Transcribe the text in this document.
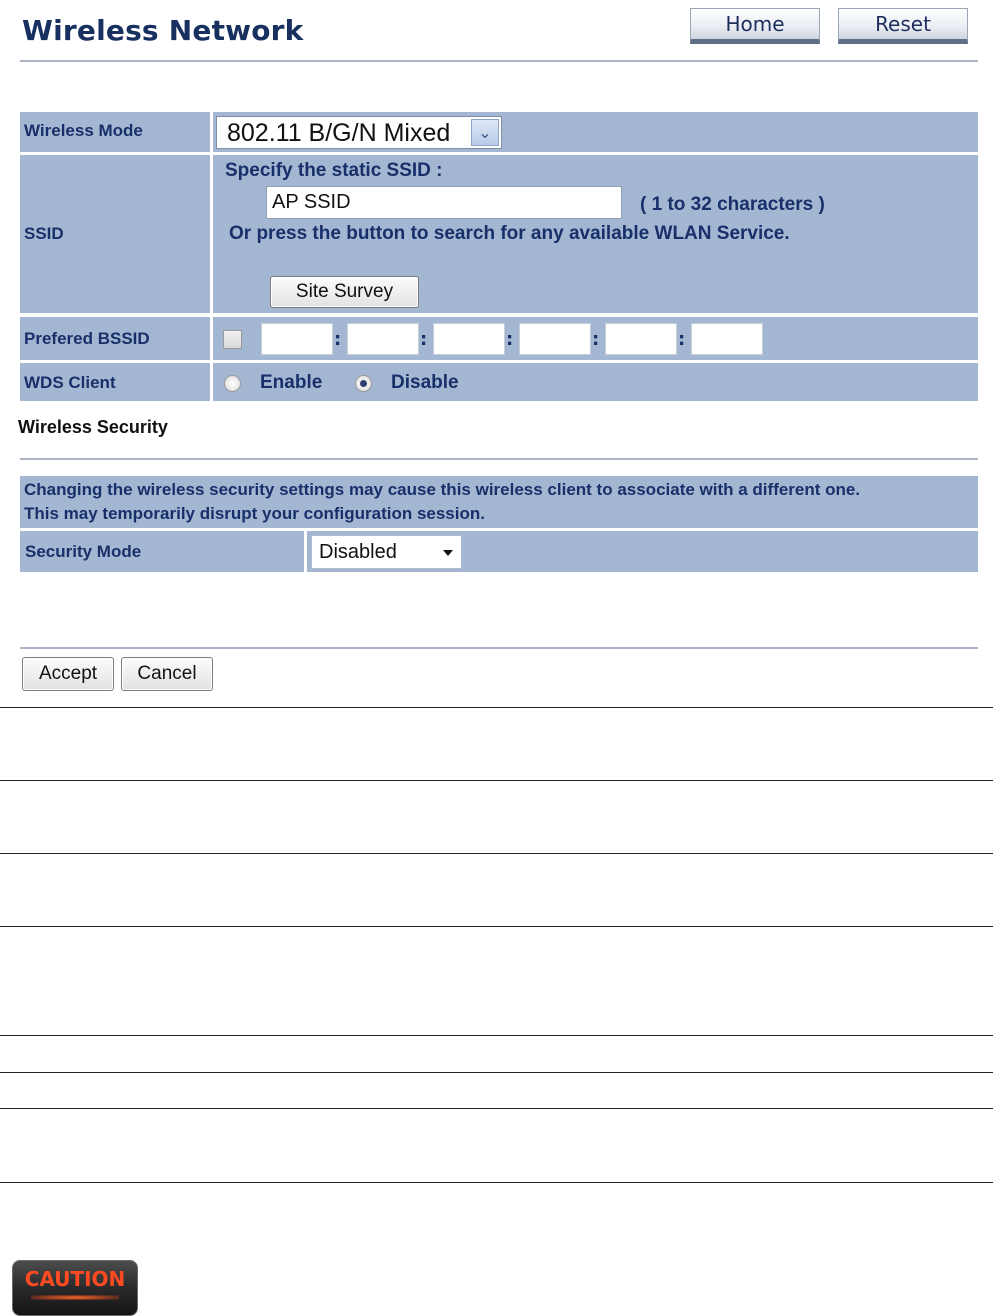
Wireless Network	Home	Reset
Wireless Mode	802.11 B/G/N Mixed	⌄
SSID
Specify the static SSID :
AP SSID	( 1 to 32 characters )
Or press the button to search for any available WLAN Service.
Site Survey
Prefered BSSID	:	:	:	:	:
WDS Client	Enable	Disable
Wireless Security
Changing the wireless security settings may cause this wireless client to associate with a different one.
This may temporarily disrupt your configuration session.
Security Mode	Disabled
Accept	Cancel
CAUTION
